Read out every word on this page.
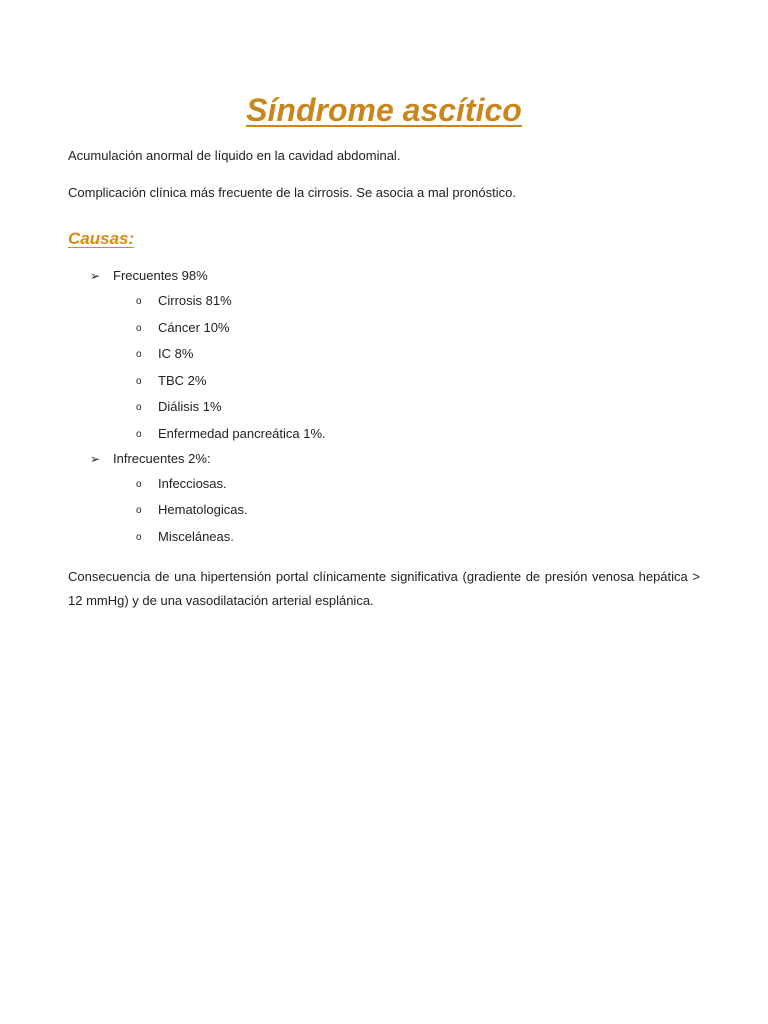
Síndrome ascítico

Acumulación anormal de líquido en la cavidad abdominal.

Complicación clínica más frecuente de la cirrosis. Se asocia a mal pronóstico.

Causas:
➢ Frecuentes 98%

o Cirrosis 81%

o Cáncer 10%

o IC 8%

o TBC 2%

o Diálisis 1%

o Enfermedad pancreática 1%.

➢ Infrecuentes 2%:

o Infecciosas.

o Hematologicas.

o Misceláneas.

Consecuencia de una hipertensión portal clínicamente significativa (gradiente de presión venosa hepática > 12 mmHg) y de una vasodilatación arterial esplánica.
